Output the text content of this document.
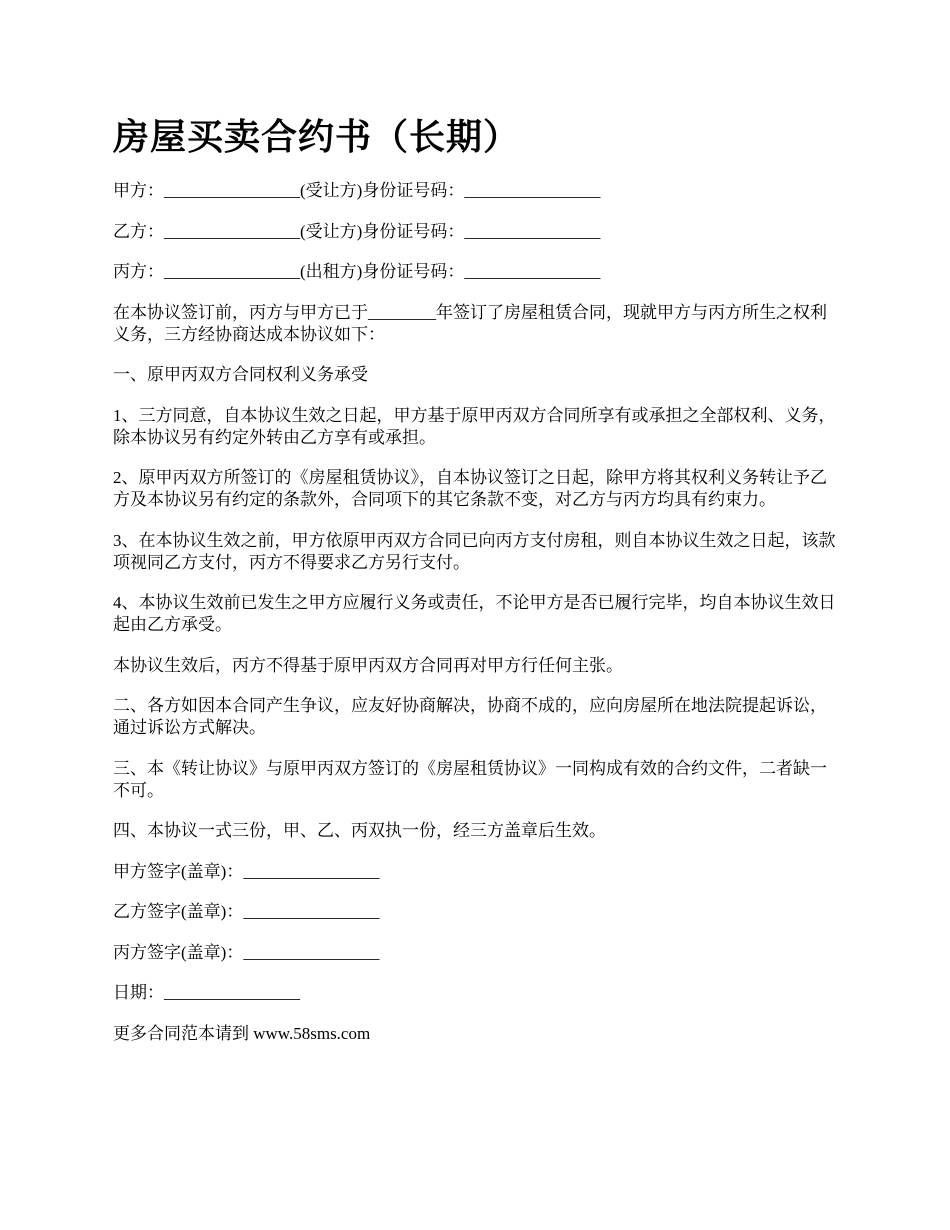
房屋买卖合约书（长期）

甲方：________________(受让方)身份证号码：________________

乙方：________________(受让方)身份证号码：________________

丙方：________________(出租方)身份证号码：________________

在本协议签订前，丙方与甲方已于________年签订了房屋租赁合同，现就甲方与丙方所生之权利义务，三方经协商达成本协议如下：

一、原甲丙双方合同权利义务承受

1、三方同意，自本协议生效之日起，甲方基于原甲丙双方合同所享有或承担之全部权利、义务，除本协议另有约定外转由乙方享有或承担。

2、原甲丙双方所签订的《房屋租赁协议》，自本协议签订之日起，除甲方将其权利义务转让予乙方及本协议另有约定的条款外，合同项下的其它条款不变，对乙方与丙方均具有约束力。

3、在本协议生效之前，甲方依原甲丙双方合同已向丙方支付房租，则自本协议生效之日起，该款项视同乙方支付，丙方不得要求乙方另行支付。

4、本协议生效前已发生之甲方应履行义务或责任，不论甲方是否已履行完毕，均自本协议生效日起由乙方承受。

本协议生效后，丙方不得基于原甲丙双方合同再对甲方行任何主张。

二、各方如因本合同产生争议，应友好协商解决，协商不成的，应向房屋所在地法院提起诉讼，通过诉讼方式解决。

三、本《转让协议》与原甲丙双方签订的《房屋租赁协议》一同构成有效的合约文件，二者缺一不可。

四、本协议一式三份，甲、乙、丙双执一份，经三方盖章后生效。

甲方签字(盖章)：________________

乙方签字(盖章)：________________

丙方签字(盖章)：________________

日期：________________

更多合同范本请到 www.58sms.com
